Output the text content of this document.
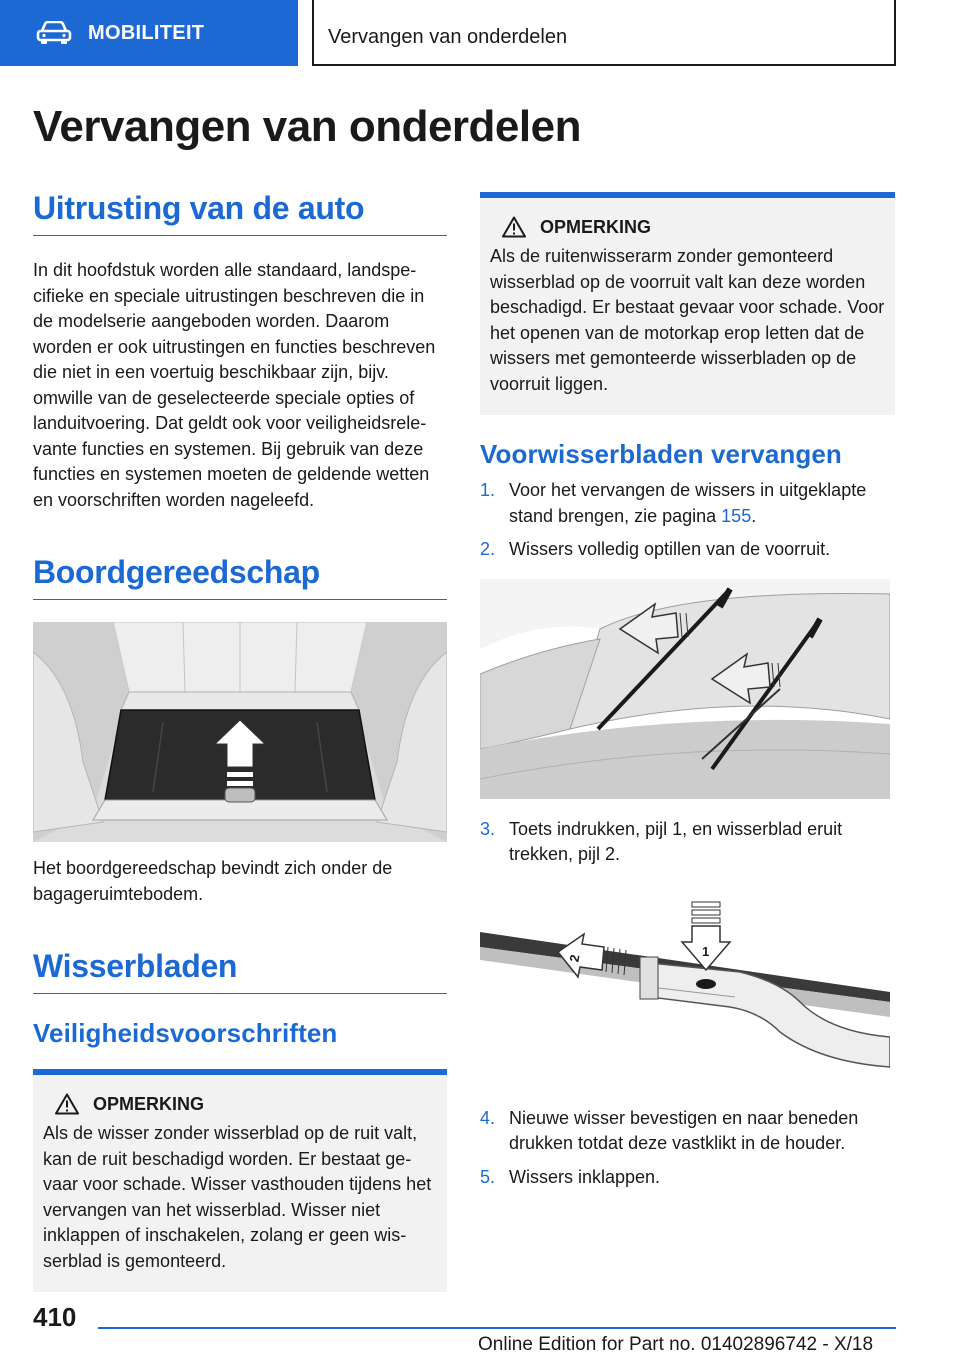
MOBILITEIT	Vervangen van onderdelen
Vervangen van onderdelen
Uitrusting van de auto

In dit hoofdstuk worden alle standaard, landspecifieke en speciale uitrustingen beschreven die in de modelserie aangeboden worden. Daarom worden er ook uitrustingen en functies beschreven die niet in een voertuig beschikbaar zijn, bijv. omwille van de geselecteerde speciale opties of landuitvoering. Dat geldt ook voor veiligheidsrelevante functies en systemen. Bij gebruik van deze functies en systemen moeten de geldende wetten en voorschriften worden nageleefd.

Boordgereedschap

Het boordgereedschap bevindt zich onder de bagageruimtebodem.

Wisserbladen
Veiligheidsvoorschriften
OPMERKING

Als de wisser zonder wisserblad op de ruit valt, kan de ruit beschadigd worden. Er bestaat gevaar voor schade. Wisser vasthouden tijdens het vervangen van het wisserblad. Wisser niet inklappen of inschakelen, zolang er geen wisserblad is gemonteerd.

OPMERKING

Als de ruitenwisserarm zonder gemonteerd wisserblad op de voorruit valt kan deze worden beschadigd. Er bestaat gevaar voor schade. Voor het openen van de motorkap erop letten dat de wissers met gemonteerde wisserbladen op de voorruit liggen.

Voorwisserbladen vervangen
1. Voor het vervangen de wissers in uitgeklapte stand brengen, zie pagina 155.
2. Wissers volledig optillen van de voorruit.
3. Toets indrukken, pijl 1, en wisserblad eruit trekken, pijl 2.
1
2
4. Nieuwe wisser bevestigen en naar beneden drukken totdat deze vastklikt in de houder.
5. Wissers inklappen.
410
Online Edition for Part no. 01402896742 - X/18
